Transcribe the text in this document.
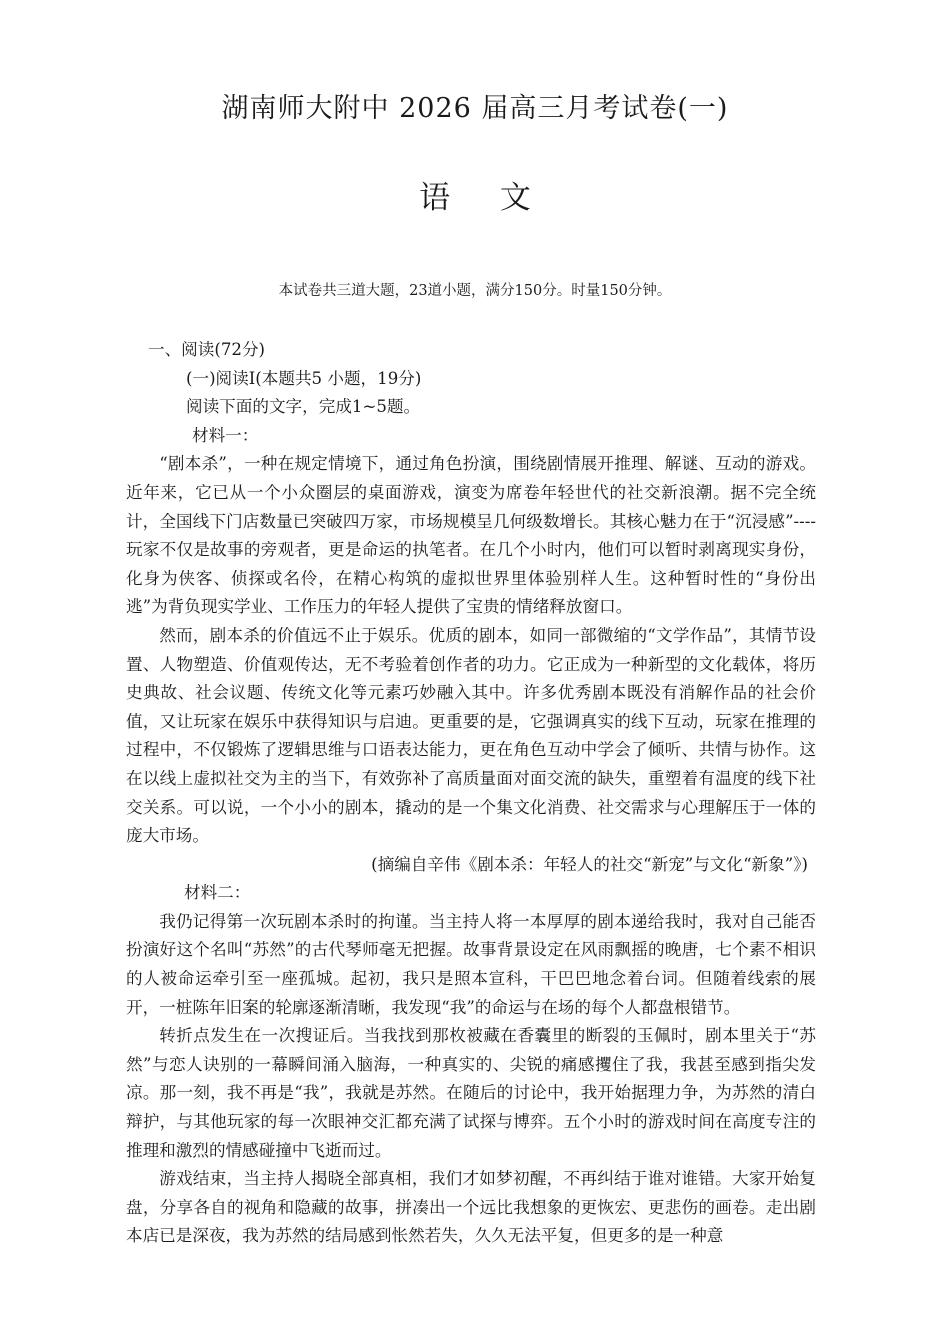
湖南师大附中 2026 届高三月考试卷(一)
语 文

本试卷共三道大题，23道小题，满分150分。时量150分钟。

一、阅读(72分)

(一)阅读Ⅰ(本题共5 小题，19分)

阅读下面的文字，完成1~5题。

材料一：

“剧本杀”，一种在规定情境下，通过角色扮演，围绕剧情展开推理、解谜、互动的游戏。近年来，它已从一个小众圈层的桌面游戏，演变为席卷年轻世代的社交新浪潮。据不完全统计，全国线下门店数量已突破四万家，市场规模呈几何级数增长。其核心魅力在于“沉浸感”----玩家不仅是故事的旁观者，更是命运的执笔者。在几个小时内，他们可以暂时剥离现实身份，化身为侠客、侦探或名伶，在精心构筑的虚拟世界里体验别样人生。这种暂时性的“身份出逃”为背负现实学业、工作压力的年轻人提供了宝贵的情绪释放窗口。

然而，剧本杀的价值远不止于娱乐。优质的剧本，如同一部微缩的“文学作品”，其情节设置、人物塑造、价值观传达，无不考验着创作者的功力。它正成为一种新型的文化载体，将历史典故、社会议题、传统文化等元素巧妙融入其中。许多优秀剧本既没有消解作品的社会价值，又让玩家在娱乐中获得知识与启迪。更重要的是，它强调真实的线下互动，玩家在推理的过程中，不仅锻炼了逻辑思维与口语表达能力，更在角色互动中学会了倾听、共情与协作。这在以线上虚拟社交为主的当下，有效弥补了高质量面对面交流的缺失，重塑着有温度的线下社交关系。可以说，一个小小的剧本，撬动的是一个集文化消费、社交需求与心理解压于一体的庞大市场。

(摘编自辛伟《剧本杀：年轻人的社交“新宠”与文化“新象”》)

材料二：

我仍记得第一次玩剧本杀时的拘谨。当主持人将一本厚厚的剧本递给我时，我对自己能否扮演好这个名叫“苏然”的古代琴师毫无把握。故事背景设定在风雨飘摇的晚唐，七个素不相识的人被命运牵引至一座孤城。起初，我只是照本宣科，干巴巴地念着台词。但随着线索的展开，一桩陈年旧案的轮廓逐渐清晰，我发现“我”的命运与在场的每个人都盘根错节。

转折点发生在一次搜证后。当我找到那枚被藏在香囊里的断裂的玉佩时，剧本里关于“苏然”与恋人诀别的一幕瞬间涌入脑海，一种真实的、尖锐的痛感攫住了我，我甚至感到指尖发凉。那一刻，我不再是“我”，我就是苏然。在随后的讨论中，我开始据理力争，为苏然的清白辩护，与其他玩家的每一次眼神交汇都充满了试探与博弈。五个小时的游戏时间在高度专注的推理和激烈的情感碰撞中飞逝而过。

游戏结束，当主持人揭晓全部真相，我们才如梦初醒，不再纠结于谁对谁错。大家开始复盘，分享各自的视角和隐藏的故事，拼凑出一个远比我想象的更恢宏、更悲伤的画卷。走出剧本店已是深夜，我为苏然的结局感到怅然若失，久久无法平复，但更多的是一种意
